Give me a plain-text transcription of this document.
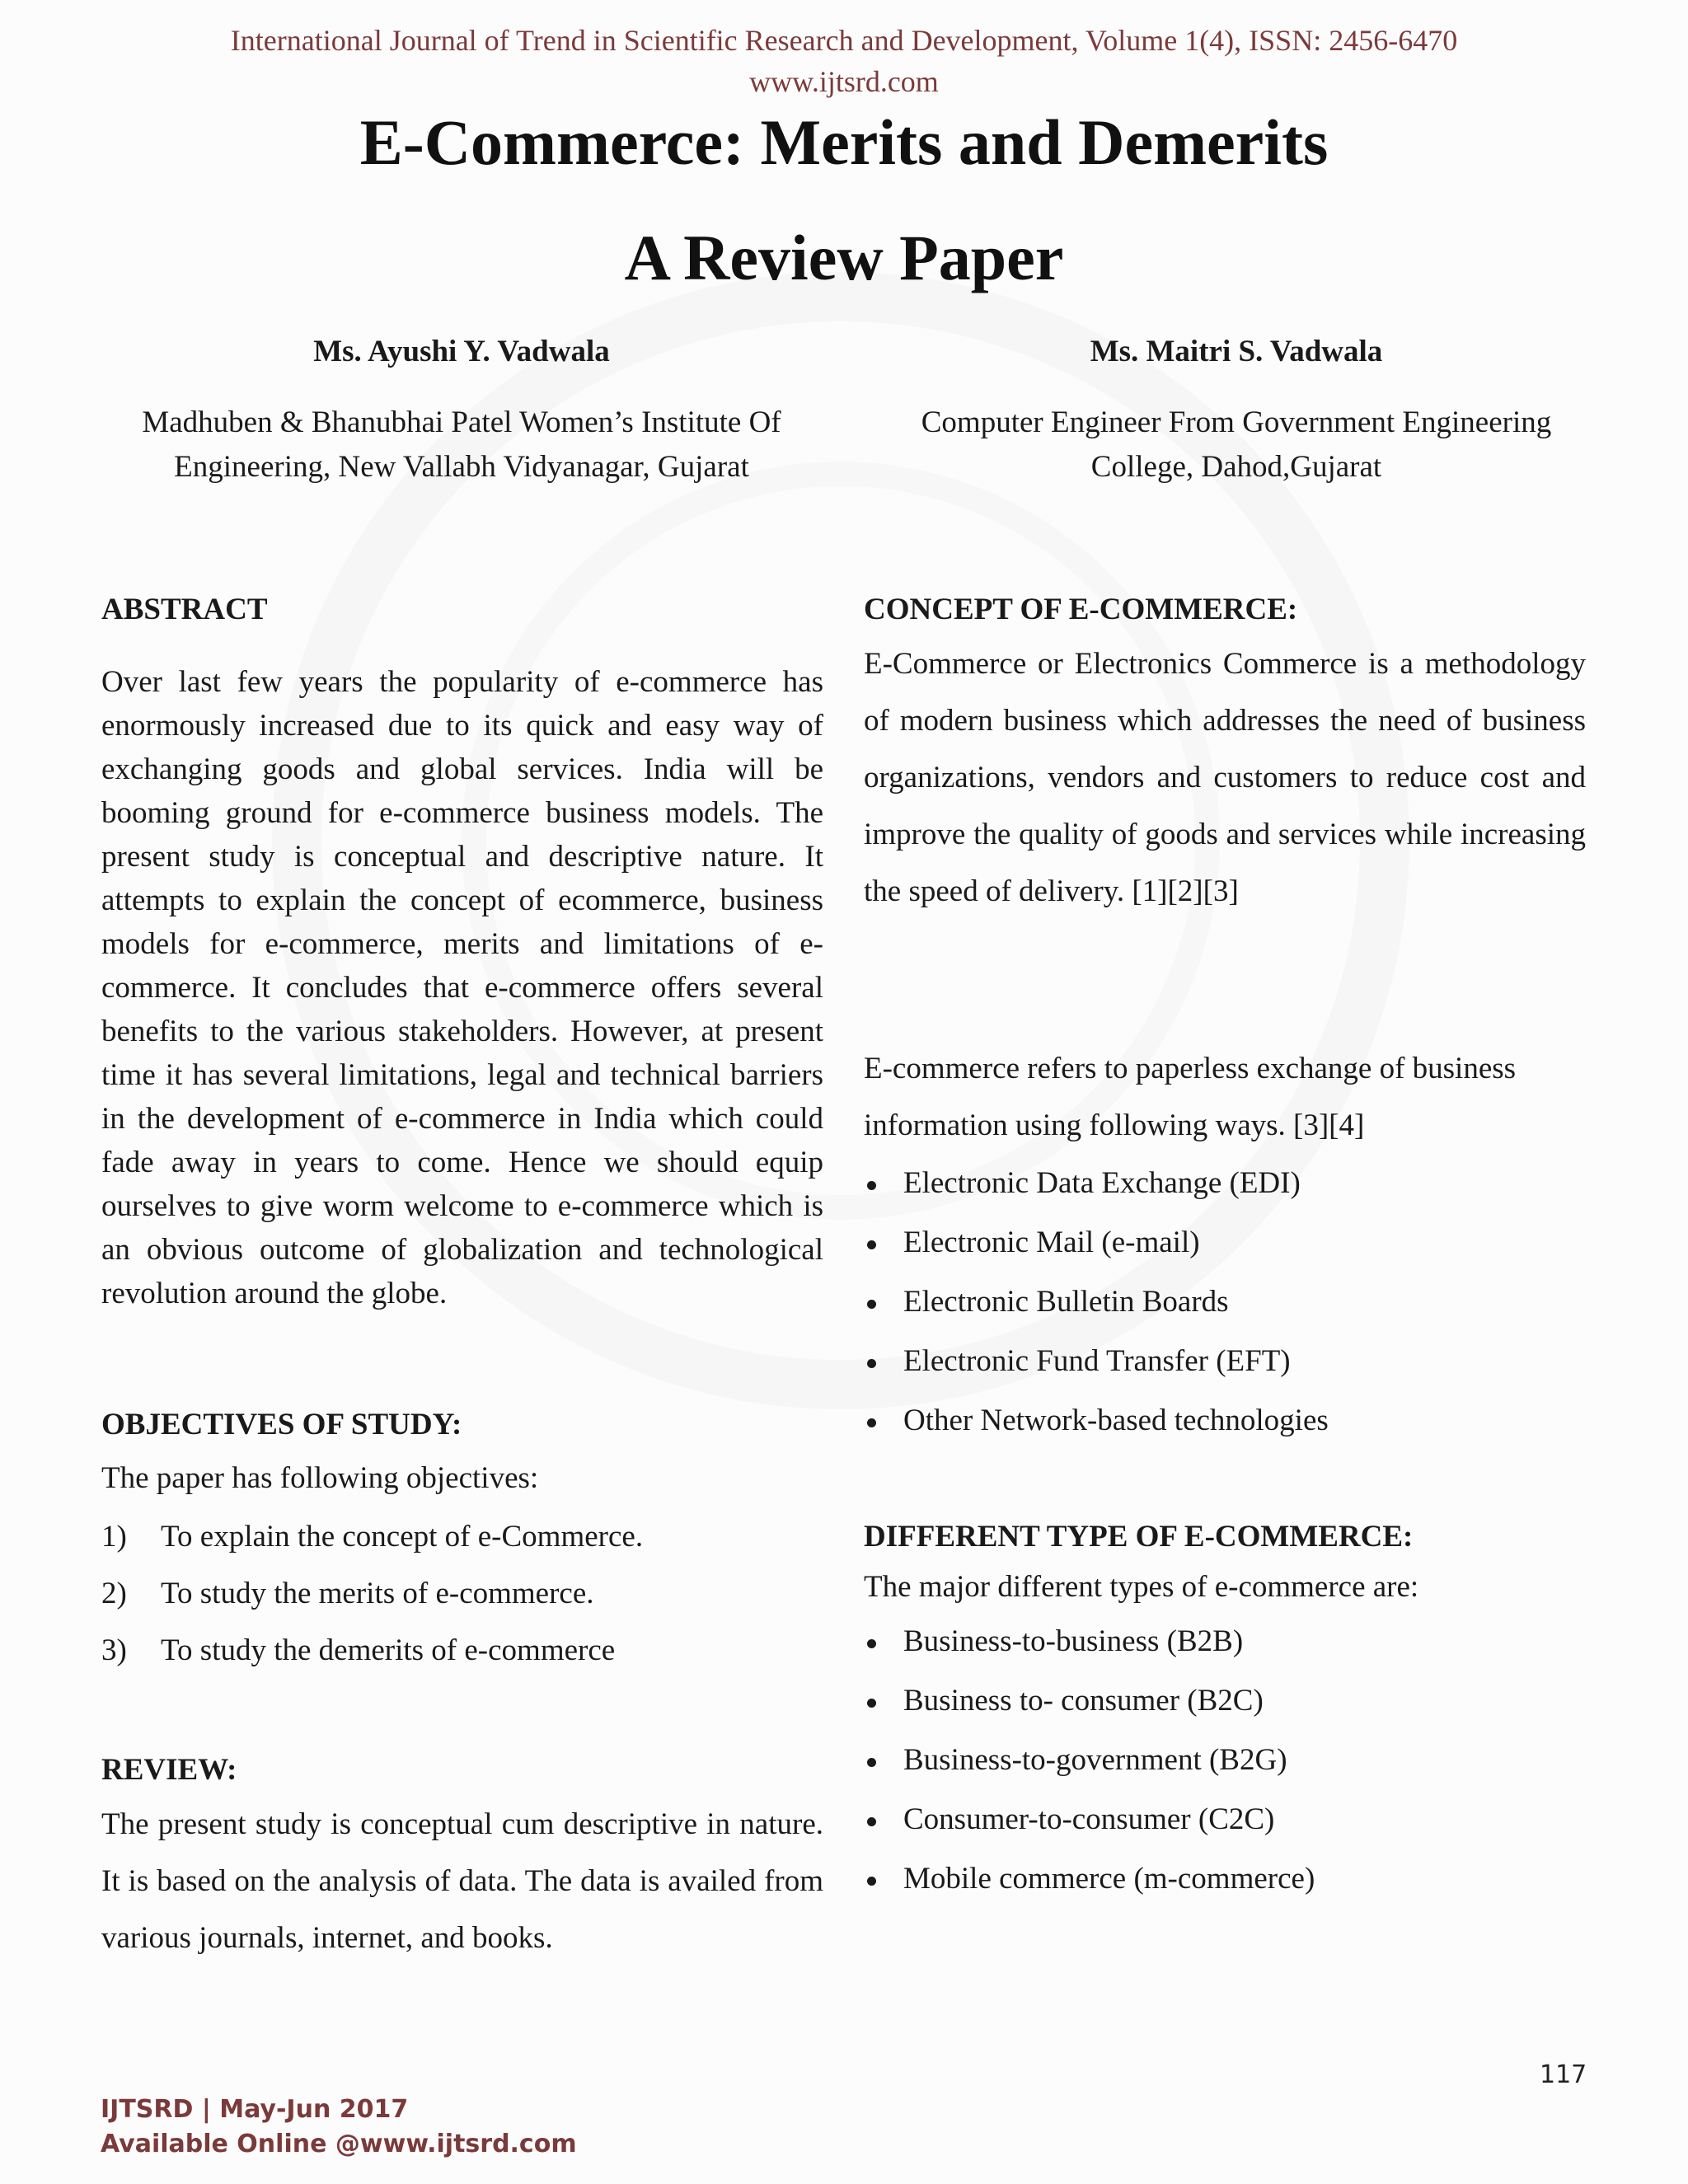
International Journal of Trend in Scientific Research and Development, Volume 1(4), ISSN: 2456-6470
www.ijtsrd.com
E-Commerce: Merits and Demerits
A Review Paper
Ms. Ayushi Y. Vadwala
Madhuben & Bhanubhai Patel Women’s Institute Of
Engineering, New Vallabh Vidyanagar, Gujarat
Ms. Maitri S. Vadwala
Computer Engineer From Government Engineering
College, Dahod,Gujarat

ABSTRACT

Over last few years the popularity of e-commerce has enormously increased due to its quick and easy way of exchanging goods and global services. India will be booming ground for e-commerce business models. The present study is conceptual and descriptive nature. It attempts to explain the concept of ecommerce, business models for e-commerce, merits and limitations of e-commerce. It concludes that e-commerce offers several benefits to the various stakeholders. However, at present time it has several limitations, legal and technical barriers in the development of e-commerce in India which could fade away in years to come. Hence we should equip ourselves to give worm welcome to e-commerce which is an obvious outcome of globalization and technological revolution around the globe.

OBJECTIVES OF STUDY:

The paper has following objectives:

1)	To explain the concept of e-Commerce.
2)	To study the merits of e-commerce.
3)	To study the demerits of e-commerce

REVIEW:

The present study is conceptual cum descriptive in nature. It is based on the analysis of data. The data is availed from various journals, internet, and books.

CONCEPT OF E-COMMERCE:

E-Commerce or Electronics Commerce is a methodology of modern business which addresses the need of business organizations, vendors and customers to reduce cost and improve the quality of goods and services while increasing the speed of delivery. [1][2][3]

E-commerce refers to paperless exchange of business information using following ways. [3][4]

Electronic Data Exchange (EDI)
Electronic Mail (e-mail)
Electronic Bulletin Boards
Electronic Fund Transfer (EFT)
Other Network-based technologies

DIFFERENT TYPE OF E-COMMERCE:

The major different types of e-commerce are:

Business-to-business (B2B)
Business to- consumer (B2C)
Business-to-government (B2G)
Consumer-to-consumer (C2C)
Mobile commerce (m-commerce)
117
IJTSRD | May-Jun 2017
Available Online @www.ijtsrd.com
